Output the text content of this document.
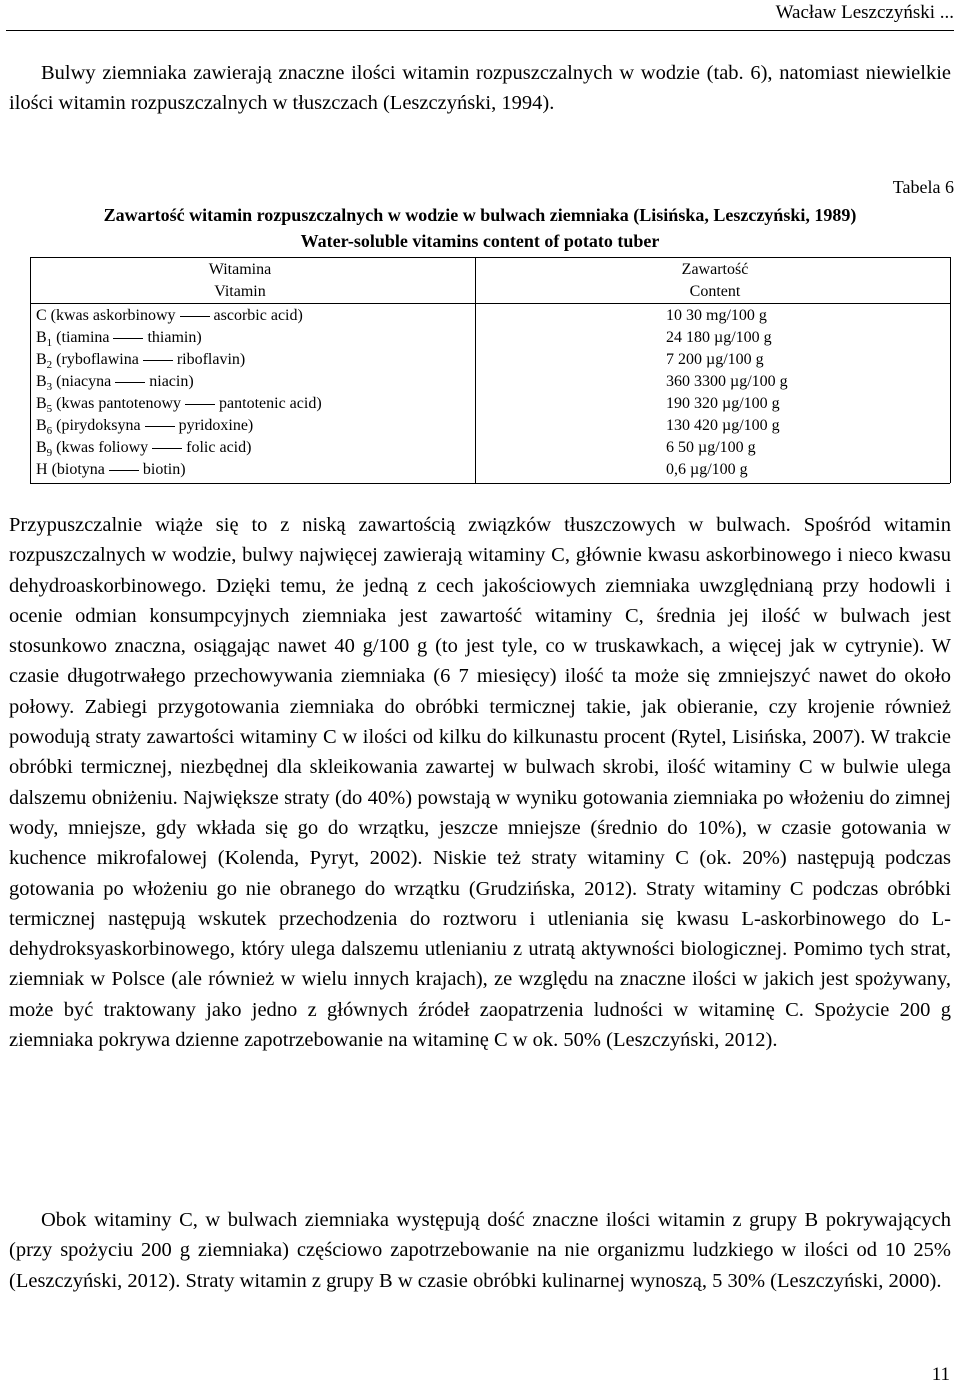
Wacław Leszczyński ...

Bulwy ziemniaka zawierają znaczne ilości witamin rozpuszczalnych w wodzie (tab. 6), natomiast niewielkie ilości witamin rozpuszczalnych w tłuszczach (Leszczyński, 1994).

Tabela 6
Zawartość witamin rozpuszczalnych w wodzie w bulwach ziemniaka (Lisińska, Leszczyński, 1989)
Water-soluble vitamins content of potato tuber
Witamina
Vitamin
Zawartość
Content
C (kwas askorbinowy ascorbic acid)	10 30 mg/100 g
$B_1$ (tiamina thiamin)	24 180 µg/100 g
$B_2$ (ryboflawina riboflavin)	7 200 µg/100 g
$B_3$ (niacyna niacin)	360 3300 µg/100 g
$B_5$ (kwas pantotenowy pantotenic acid)	190 320 µg/100 g
$B_6$ (pirydoksyna pyridoxine)	130 420 µg/100 g
$B_9$ (kwas foliowy folic acid)	6 50 µg/100 g
H (biotyna biotin)	0,6 µg/100 g

Przypuszczalnie wiąże się to z niską zawartością związków tłuszczowych w bulwach. Spośród witamin rozpuszczalnych w wodzie, bulwy najwięcej zawierają witaminy C, głównie kwasu askorbinowego i nieco kwasu dehydroaskorbinowego. Dzięki temu, że jedną z cech jakościowych ziemniaka uwzględnianą przy hodowli i ocenie odmian konsumpcyjnych ziemniaka jest zawartość witaminy C, średnia jej ilość w bulwach jest stosunkowo znaczna, osiągając nawet 40 g/100 g (to jest tyle, co w truskawkach, a więcej jak w cytrynie). W czasie długotrwałego przechowywania ziemniaka (6 7 miesięcy) ilość ta może się zmniejszyć nawet do około połowy. Zabiegi przygotowania ziemniaka do obróbki termicznej takie, jak obieranie, czy krojenie również powodują straty zawartości witaminy C w ilości od kilku do kilkunastu procent (Rytel, Lisińska, 2007). W trakcie obróbki termicznej, niezbędnej dla skleikowania zawartej w bulwach skrobi, ilość witaminy C w bulwie ulega dalszemu obniżeniu. Największe straty (do 40%) powstają w wyniku gotowania ziemniaka po włożeniu do zimnej wody, mniejsze, gdy wkłada się go do wrzątku, jeszcze mniejsze (średnio do 10%), w czasie gotowania w kuchence mikrofalowej (Kolenda, Pyryt, 2002). Niskie też straty witaminy C (ok. 20%) następują podczas gotowania po włożeniu go nie obranego do wrzątku (Grudzińska, 2012). Straty witaminy C podczas obróbki termicznej następują wskutek przechodzenia do roztworu i utleniania się kwasu L-askorbinowego do L-dehydroksyaskorbinowego, który ulega dalszemu utlenianiu z utratą aktywności biologicznej. Pomimo tych strat, ziemniak w Polsce (ale również w wielu innych krajach), ze względu na znaczne ilości w jakich jest spożywany, może być traktowany jako jedno z głównych źródeł zaopatrzenia ludności w witaminę C. Spożycie 200 g ziemniaka pokrywa dzienne zapotrzebowanie na witaminę C w ok. 50% (Leszczyński, 2012).

Obok witaminy C, w bulwach ziemniaka występują dość znaczne ilości witamin z grupy B pokrywających (przy spożyciu 200 g ziemniaka) częściowo zapotrzebowanie na nie organizmu ludzkiego w ilości od 10 25% (Leszczyński, 2012). Straty witamin z grupy B w czasie obróbki kulinarnej wynoszą, 5 30% (Leszczyński, 2000).

11
